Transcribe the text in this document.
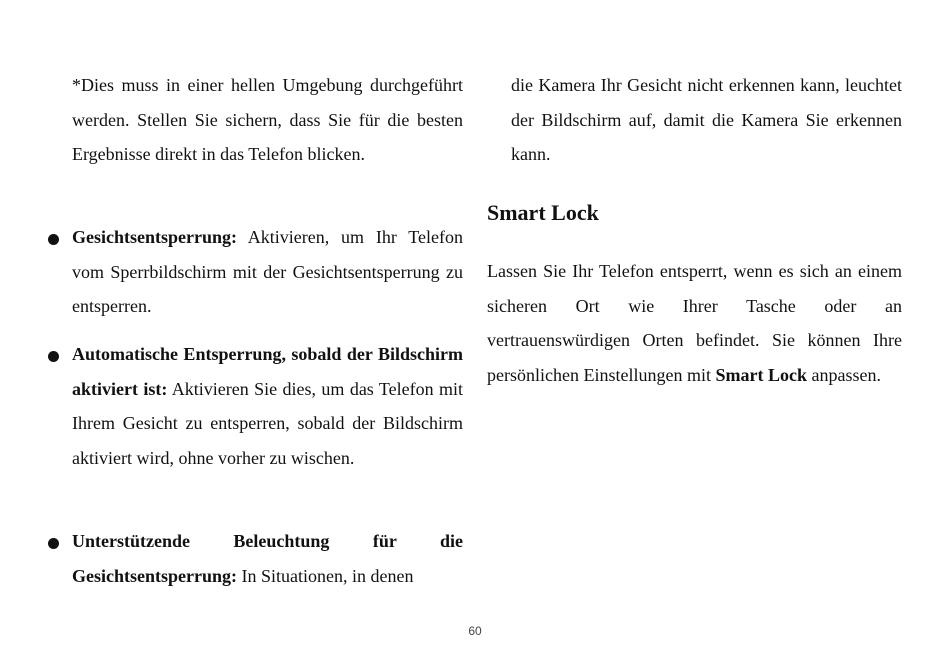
*Dies muss in einer hellen Umgebung durchgeführt werden. Stellen Sie sichern, dass Sie für die besten Ergebnisse direkt in das Telefon blicken.

Gesichtsentsperrung: Aktivieren, um Ihr Telefon vom Sperrbildschirm mit der Gesichtsentsperrung zu entsperren.
Automatische Entsperrung, sobald der Bildschirm aktiviert ist: Aktivieren Sie dies, um das Telefon mit Ihrem Gesicht zu entsperren, sobald der Bildschirm aktiviert wird, ohne vorher zu wischen.
Unterstützende Beleuchtung für die Gesichtsentsperrung: In Situationen, in denen

die Kamera Ihr Gesicht nicht erkennen kann, leuchtet der Bildschirm auf, damit die Kamera Sie erkennen kann.

Smart Lock

Lassen Sie Ihr Telefon entsperrt, wenn es sich an einem sicheren Ort wie Ihrer Tasche oder an vertrauenswürdigen Orten befindet. Sie können Ihre persönlichen Einstellungen mit Smart Lock anpassen.

60
